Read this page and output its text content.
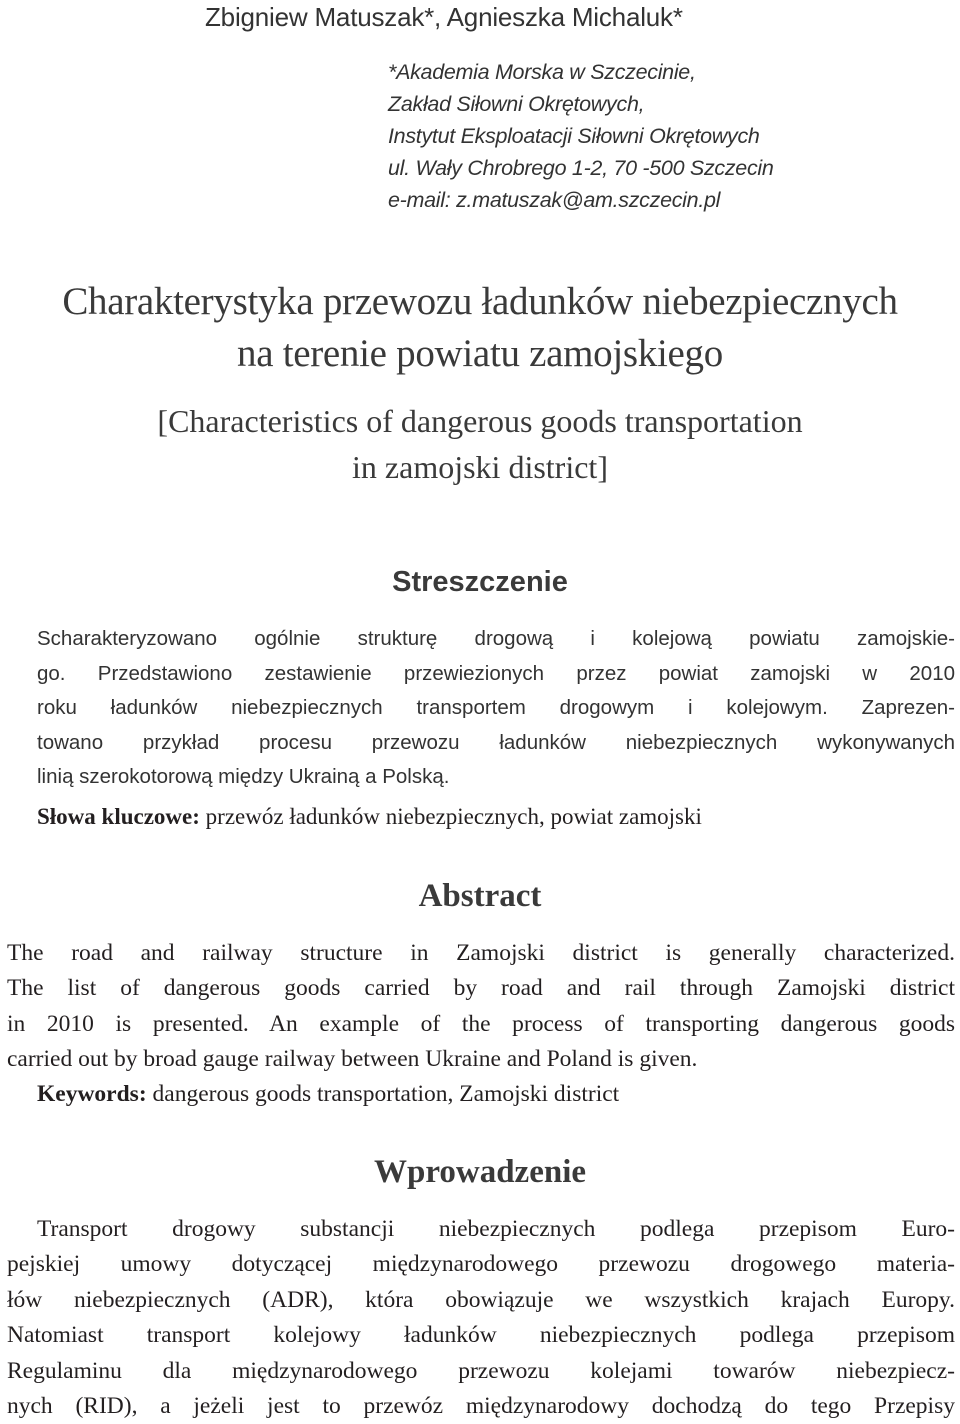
Zbigniew Matuszak*, Agnieszka Michaluk*
*Akademia Morska w Szczecinie,
Zakład Siłowni Okrętowych,
Instytut Eksploatacji Siłowni Okrętowych
ul. Wały Chrobrego 1-2, 70 -500 Szczecin
e-mail: z.matuszak@am.szczecin.pl
Charakterystyka przewozu ładunków niebezpiecznych
na terenie powiatu zamojskiego
[Characteristics of dangerous goods transportation
in zamojski district]
Streszczenie
Scharakteryzowano ogólnie strukturę drogową i kolejową powiatu zamojskie-
go. Przedstawiono zestawienie przewiezionych przez powiat zamojski w 2010
roku ładunków niebezpiecznych transportem drogowym i kolejowym. Zaprezen-
towano przykład procesu przewozu ładunków niebezpiecznych wykonywanych
linią szerokotorową między Ukrainą a Polską.
Słowa kluczowe: przewóz ładunków niebezpiecznych, powiat zamojski
Abstract
The road and railway structure in Zamojski district is generally characterized.
The list of dangerous goods carried by road and rail through Zamojski district
in 2010 is presented. An example of the process of transporting dangerous goods
carried out by broad gauge railway between Ukraine and Poland is given.
Keywords: dangerous goods transportation, Zamojski district
Wprowadzenie
Transport drogowy substancji niebezpiecznych podlega przepisom Euro-
pejskiej umowy dotyczącej międzynarodowego przewozu drogowego materia-
łów niebezpiecznych (ADR), która obowiązuje we wszystkich krajach Europy.
Natomiast transport kolejowy ładunków niebezpiecznych podlega przepisom
Regulaminu dla międzynarodowego przewozu kolejami towarów niebezpiecz-
nych (RID), a jeżeli jest to przewóz międzynarodowy dochodzą do tego Przepisy
